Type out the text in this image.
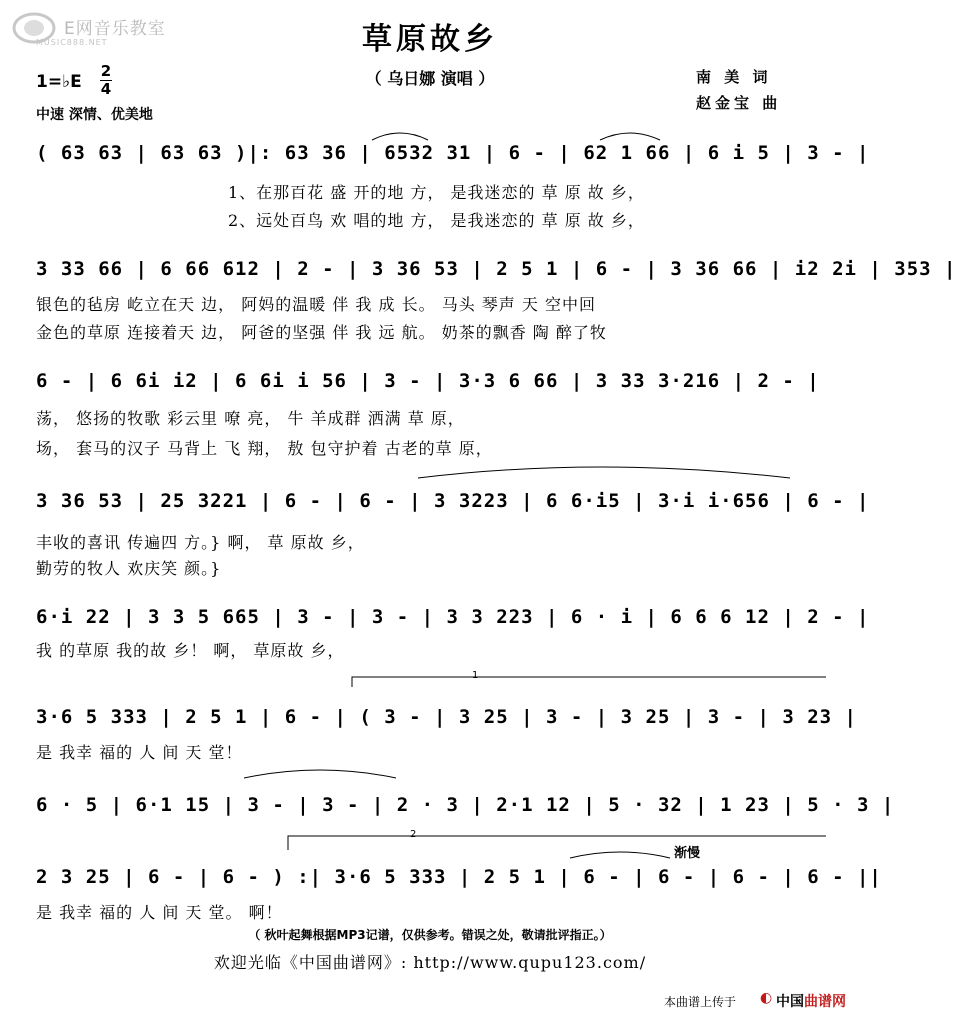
E网音乐教室
MUSIC888.NET	草原故乡
（ 乌日娜 演唱 ）	南 美 词
赵金宝 曲
1=♭E
2
4
中速 深情、优美地
( 63 63 | 63 63 )|: 63 36 | 6532 31 | 6 - | 62 1 66 | 6 i 5 | 3 - |
1、在那百花 盛 开的地 方， 是我迷恋的 草 原 故 乡，
2、远处百鸟 欢 唱的地 方， 是我迷恋的 草 原 故 乡，
3 33 66 | 6 66 612 | 2 - | 3 36 53 | 2 5 1 | 6 - | 3 36 66 | i2 2i | 353 |
银色的毡房 屹立在天 边， 阿妈的温暖 伴 我 成 长。 马头 琴声 天 空中回
金色的草原 连接着天 边， 阿爸的坚强 伴 我 远 航。 奶茶的飘香 陶 醉了牧
6 - | 6 6i i2 | 6 6i i 56 | 3 - | 3·3 6 66 | 3 33 3·216 | 2 - |
荡， 悠扬的牧歌 彩云里 嘹 亮， 牛 羊成群 洒满 草 原，
场， 套马的汉子 马背上 飞 翔， 敖 包守护着 古老的草 原，
3 36 53 | 25 3221 | 6 - | 6 - | 3 3223 | 6 6·i5 | 3·i i·656 | 6 - |
丰收的喜讯 传遍四 方。} 啊， 草 原故 乡，
勤劳的牧人 欢庆笑 颜。}
6·i 22 | 3 3 5 665 | 3 - | 3 - | 3 3 223 | 6 · i | 6 6 6 12 | 2 - |
我 的草原 我的故 乡！ 啊， 草原故 乡，
3·6 5 333 | 2 5 1 | 6 - | ( 3 - | 3 25 | 3 - | 3 25 | 3 - | 3 23 |
是 我幸 福的 人 间 天 堂！
1
6 · 5 | 6·1 15 | 3 - | 3 - | 2 · 3 | 2·1 12 | 5 · 32 | 1 23 | 5 · 3 |
2 3 25 | 6 - | 6 - ) :| 3·6 5 333 | 2 5 1 | 6 - | 6 - | 6 - | 6 - ||
是 我幸 福的 人 间 天 堂。 啊！
2
渐慢
（ 秋叶起舞根据MP3记谱，仅供参考。错误之处，敬请批评指正。）
欢迎光临《中国曲谱网》: http://www.qupu123.com/
本曲谱上传于 ◐ 中国曲谱网
